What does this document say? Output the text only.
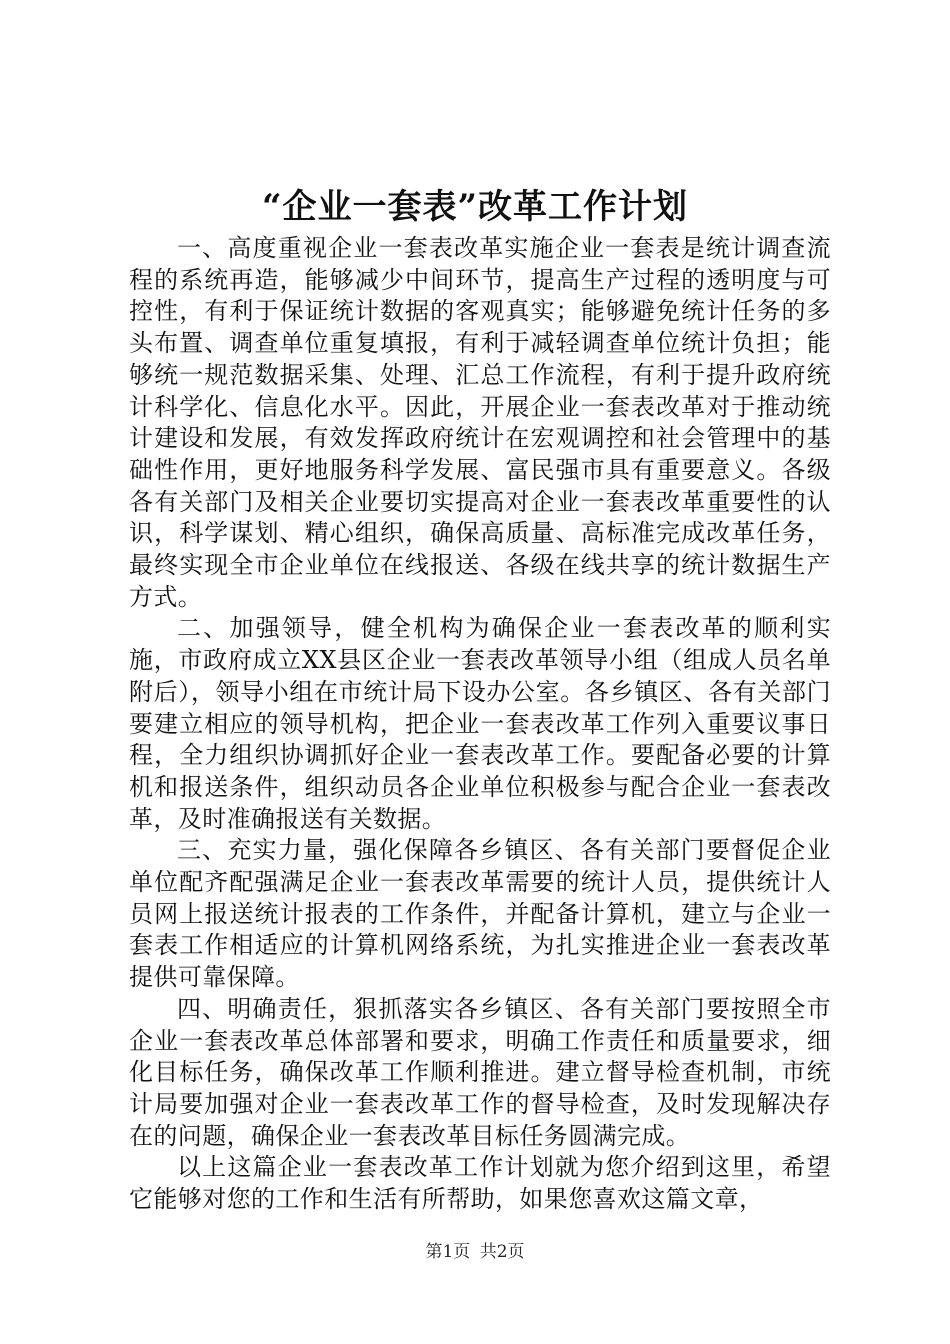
“企业一套表”改革工作计划

一、高度重视企业一套表改革实施企业一套表是统计调查流程的系统再造，能够减少中间环节，提高生产过程的透明度与可控性，有利于保证统计数据的客观真实；能够避免统计任务的多头布置、调查单位重复填报，有利于减轻调查单位统计负担；能够统一规范数据采集、处理、汇总工作流程，有利于提升政府统计科学化、信息化水平。因此，开展企业一套表改革对于推动统计建设和发展，有效发挥政府统计在宏观调控和社会管理中的基础性作用，更好地服务科学发展、富民强市具有重要意义。各级各有关部门及相关企业要切实提高对企业一套表改革重要性的认识，科学谋划、精心组织，确保高质量、高标准完成改革任务，最终实现全市企业单位在线报送、各级在线共享的统计数据生产方式。

二、加强领导，健全机构为确保企业一套表改革的顺利实施，市政府成立XX县区企业一套表改革领导小组（组成人员名单附后），领导小组在市统计局下设办公室。各乡镇区、各有关部门要建立相应的领导机构，把企业一套表改革工作列入重要议事日程，全力组织协调抓好企业一套表改革工作。要配备必要的计算机和报送条件，组织动员各企业单位积极参与配合企业一套表改革，及时准确报送有关数据。

三、充实力量，强化保障各乡镇区、各有关部门要督促企业单位配齐配强满足企业一套表改革需要的统计人员，提供统计人员网上报送统计报表的工作条件，并配备计算机，建立与企业一套表工作相适应的计算机网络系统，为扎实推进企业一套表改革提供可靠保障。

四、明确责任，狠抓落实各乡镇区、各有关部门要按照全市企业一套表改革总体部署和要求，明确工作责任和质量要求，细化目标任务，确保改革工作顺利推进。建立督导检查机制，市统计局要加强对企业一套表改革工作的督导检查，及时发现解决存在的问题，确保企业一套表改革目标任务圆满完成。

以上这篇企业一套表改革工作计划就为您介绍到这里，希望它能够对您的工作和生活有所帮助，如果您喜欢这篇文章，

第1页 共2页
